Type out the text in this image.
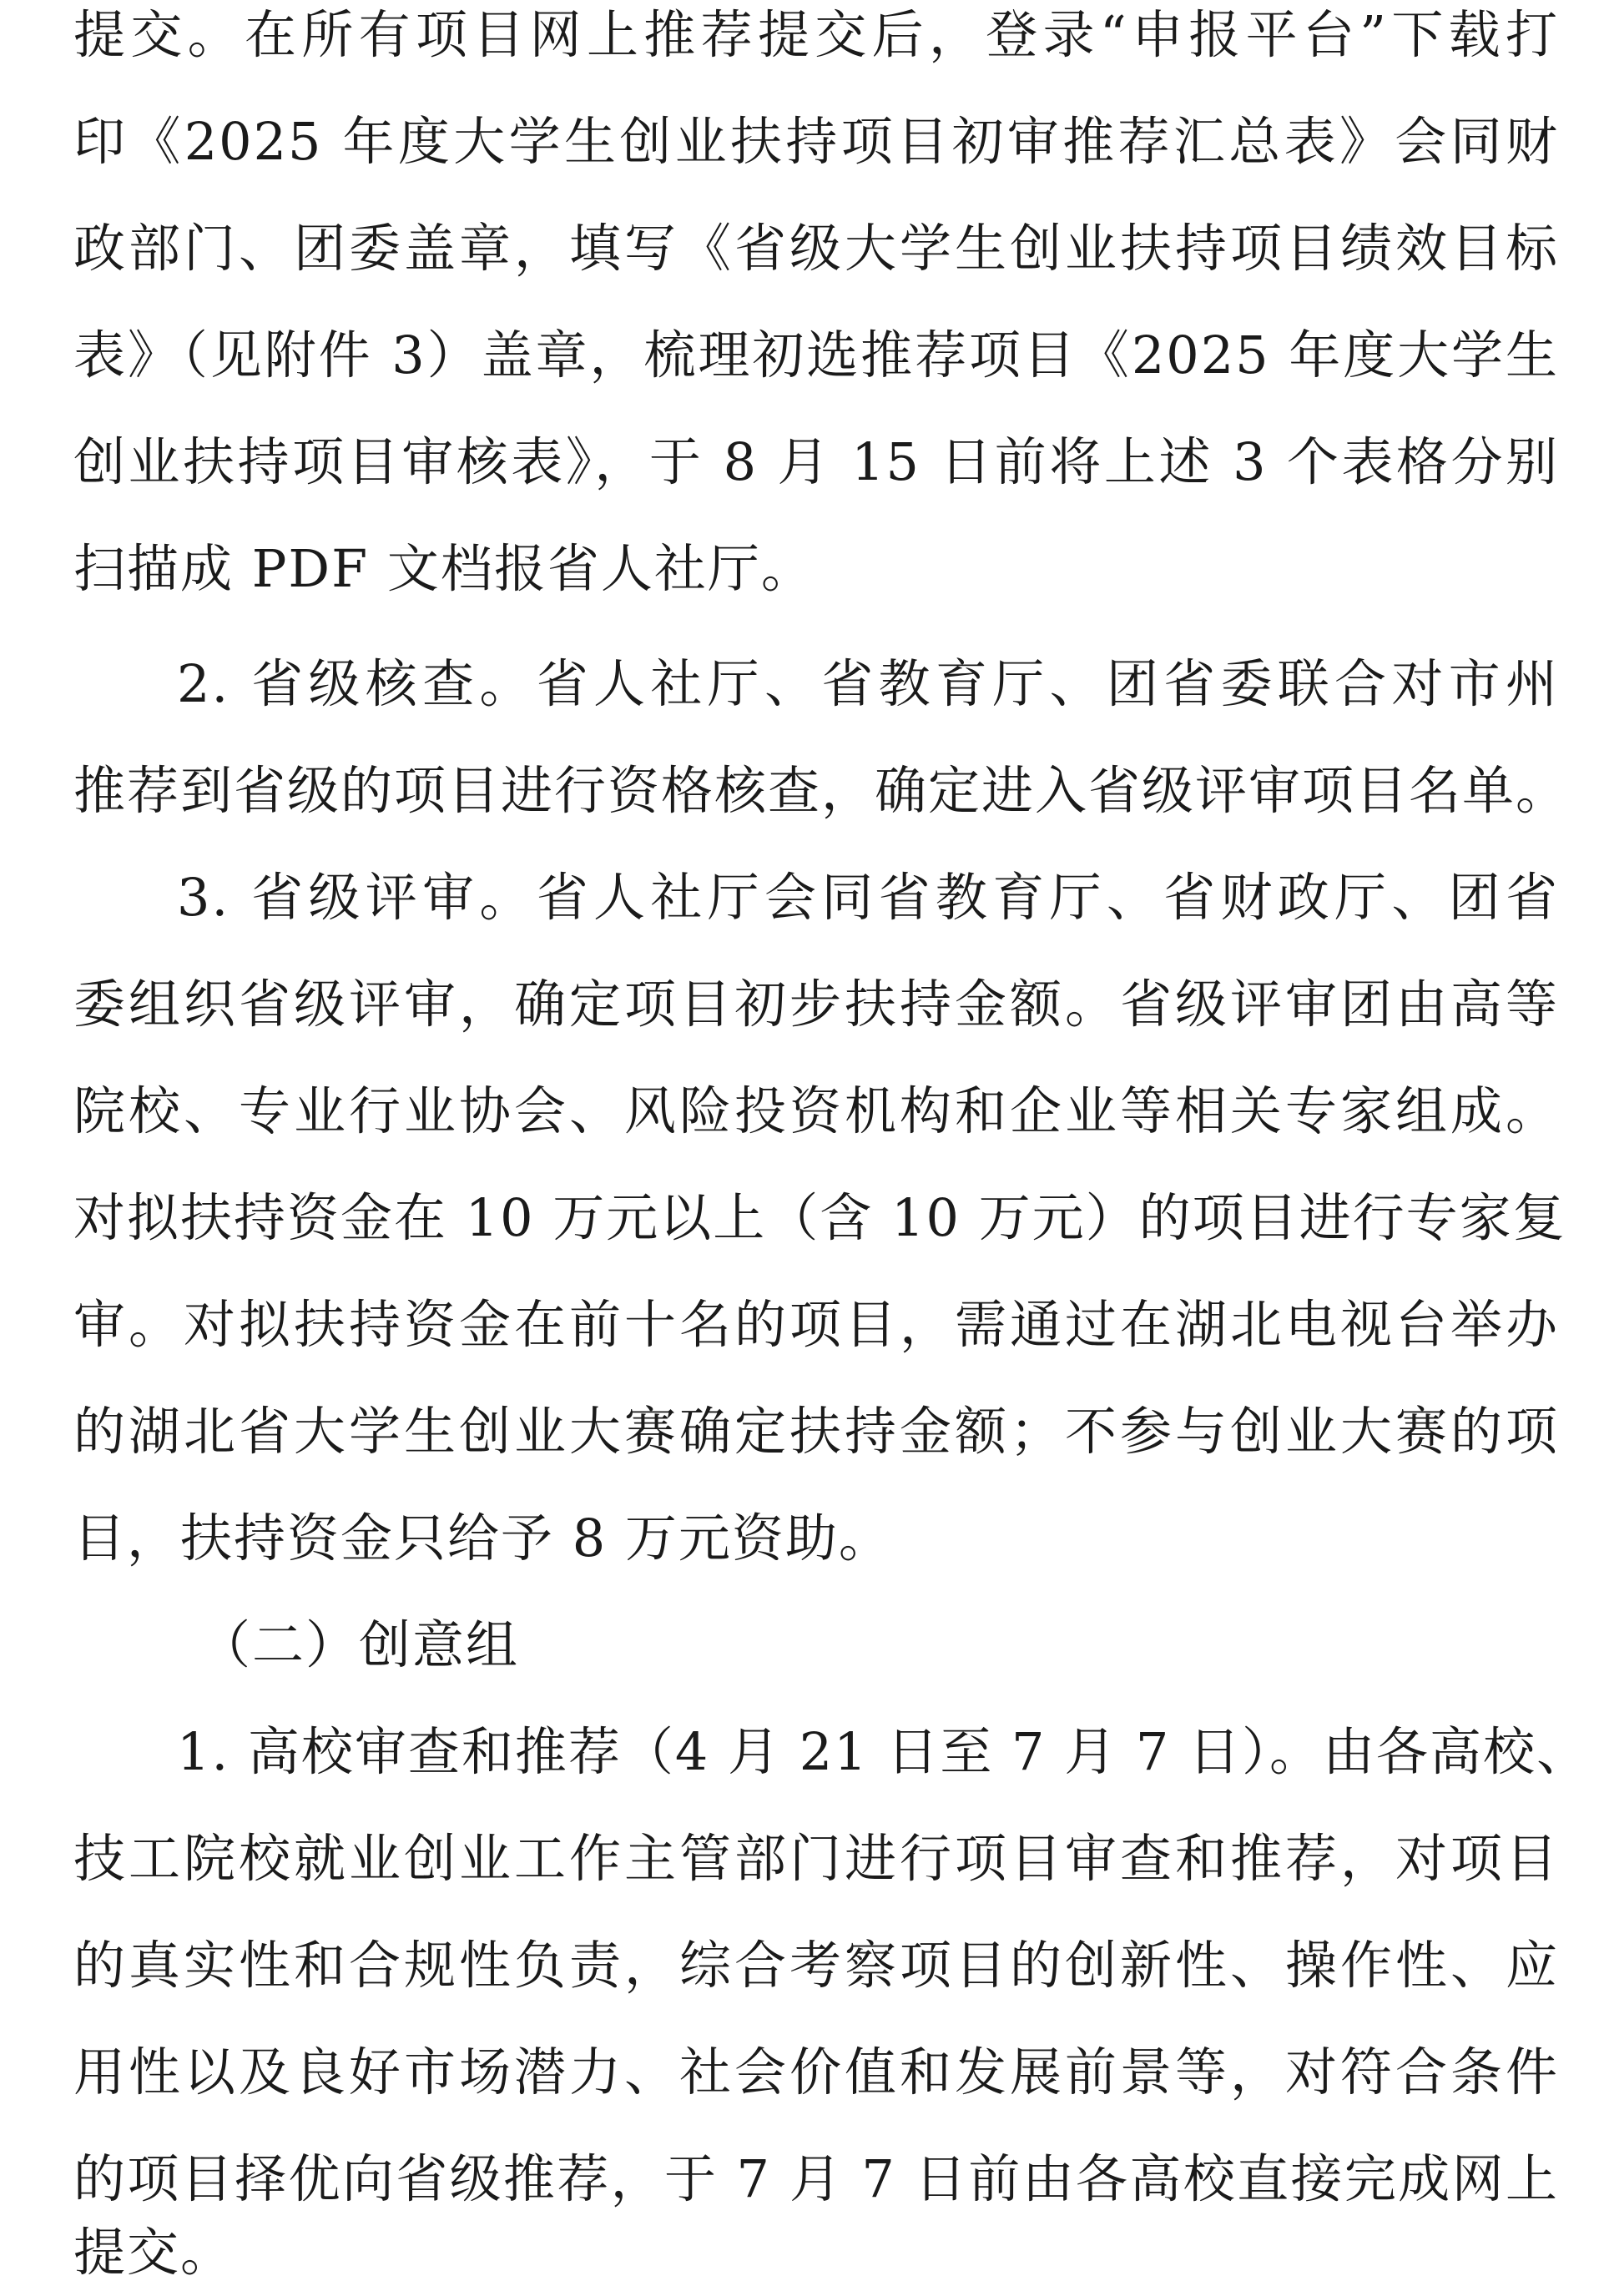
提交。在所有项目网上推荐提交后，登录“申报平台”下载打
印《2025 年度大学生创业扶持项目初审推荐汇总表》会同财
政部门、团委盖章，填写《省级大学生创业扶持项目绩效目标
表》（见附件 3）盖章，梳理初选推荐项目《2025 年度大学生
创业扶持项目审核表》，于 8 月 15 日前将上述 3 个表格分别
扫描成 PDF 文档报省人社厅。
2. 省级核查。省人社厅、省教育厅、团省委联合对市州
推荐到省级的项目进行资格核查，确定进入省级评审项目名单。
3. 省级评审。省人社厅会同省教育厅、省财政厅、团省
委组织省级评审，确定项目初步扶持金额。省级评审团由高等
院校、专业行业协会、风险投资机构和企业等相关专家组成。
对拟扶持资金在 10 万元以上（含 10 万元）的项目进行专家复
审。对拟扶持资金在前十名的项目，需通过在湖北电视台举办
的湖北省大学生创业大赛确定扶持金额；不参与创业大赛的项
目，扶持资金只给予 8 万元资助。
（二）创意组
1. 高校审查和推荐（4 月 21 日至 7 月 7 日）。由各高校、
技工院校就业创业工作主管部门进行项目审查和推荐，对项目
的真实性和合规性负责，综合考察项目的创新性、操作性、应
用性以及良好市场潜力、社会价值和发展前景等，对符合条件
的项目择优向省级推荐，于 7 月 7 日前由各高校直接完成网上
提交。
